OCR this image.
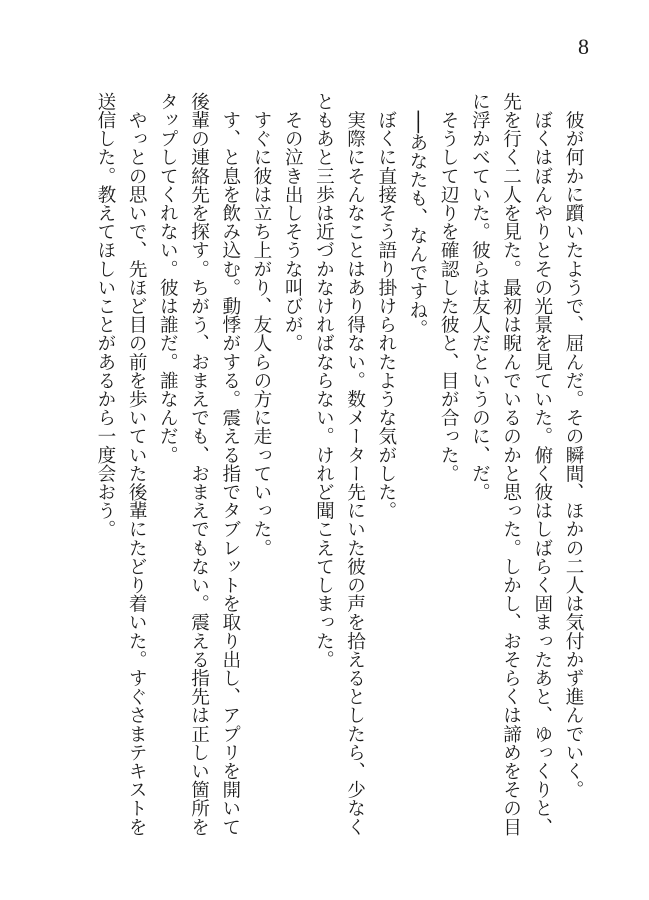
8

　彼が何かに躓いたようで、屈んだ。その瞬間、ほかの二人は気付かず進んでいく。

　ぼくはぼんやりとその光景を見ていた。俯く彼はしばらく固まったあと、ゆっくりと、

先を行く二人を見た。最初は睨んでいるのかと思った。しかし、おそらくは諦めをその目

に浮かべていた。彼らは友人だというのに、だ。

　そうして辺りを確認した彼と、目が合った。

　──あなたも、なんですね。

　ぼくに直接そう語り掛けられたような気がした。

　実際にそんなことはあり得ない。数メーター先にいた彼の声を拾えるとしたら、少なく

ともあと三歩は近づかなければならない。けれど聞こえてしまった。

　その泣き出しそうな叫びが。

　すぐに彼は立ち上がり、友人らの方に走っていった。

　す、と息を飲み込む。動悸がする。震える指でタブレットを取り出し、アプリを開いて

後輩の連絡先を探す。ちがう、おまえでも、おまえでもない。震える指先は正しい箇所を

タップしてくれない。彼は誰だ。誰なんだ。

　やっとの思いで、先ほど目の前を歩いていた後輩にたどり着いた。すぐさまテキストを

送信した。教えてほしいことがあるから一度会おう。
